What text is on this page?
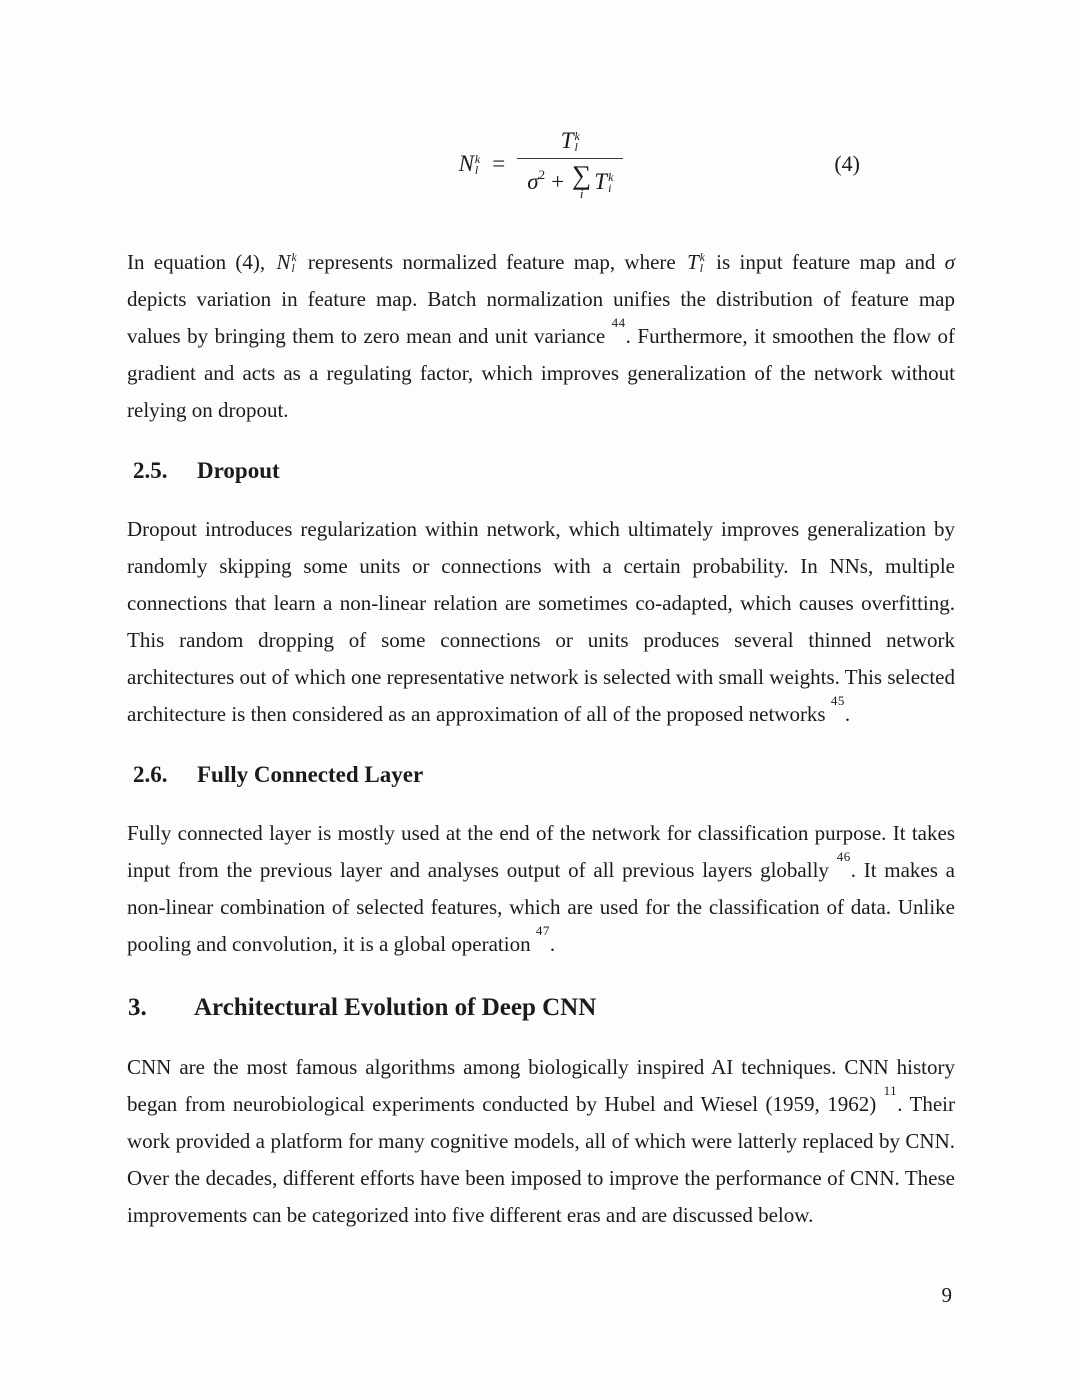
N k
l =
T k
l
$\sigma^2$ + ∑
i T k
i
(4)

In equation (4), N k
l represents normalized feature map, where T k
l is input feature map and σ depicts variation in feature map. Batch normalization unifies the distribution of feature map values by bringing them to zero mean and unit variance $^{44}$. Furthermore, it smoothen the flow of gradient and acts as a regulating factor, which improves generalization of the network without relying on dropout.

2.5.	Dropout

Dropout introduces regularization within network, which ultimately improves generalization by randomly skipping some units or connections with a certain probability. In NNs, multiple connections that learn a non-linear relation are sometimes co-adapted, which causes overfitting. This random dropping of some connections or units produces several thinned network architectures out of which one representative network is selected with small weights. This selected architecture is then considered as an approximation of all of the proposed networks $^{45}$.

2.6.	Fully Connected Layer

Fully connected layer is mostly used at the end of the network for classification purpose. It takes input from the previous layer and analyses output of all previous layers globally $^{46}$. It makes a non-linear combination of selected features, which are used for the classification of data. Unlike pooling and convolution, it is a global operation $^{47}$.

3.	Architectural Evolution of Deep CNN

CNN are the most famous algorithms among biologically inspired AI techniques. CNN history began from neurobiological experiments conducted by Hubel and Wiesel (1959, 1962) $^{11}$. Their work provided a platform for many cognitive models, all of which were latterly replaced by CNN. Over the decades, different efforts have been imposed to improve the performance of CNN. These improvements can be categorized into five different eras and are discussed below.

9
